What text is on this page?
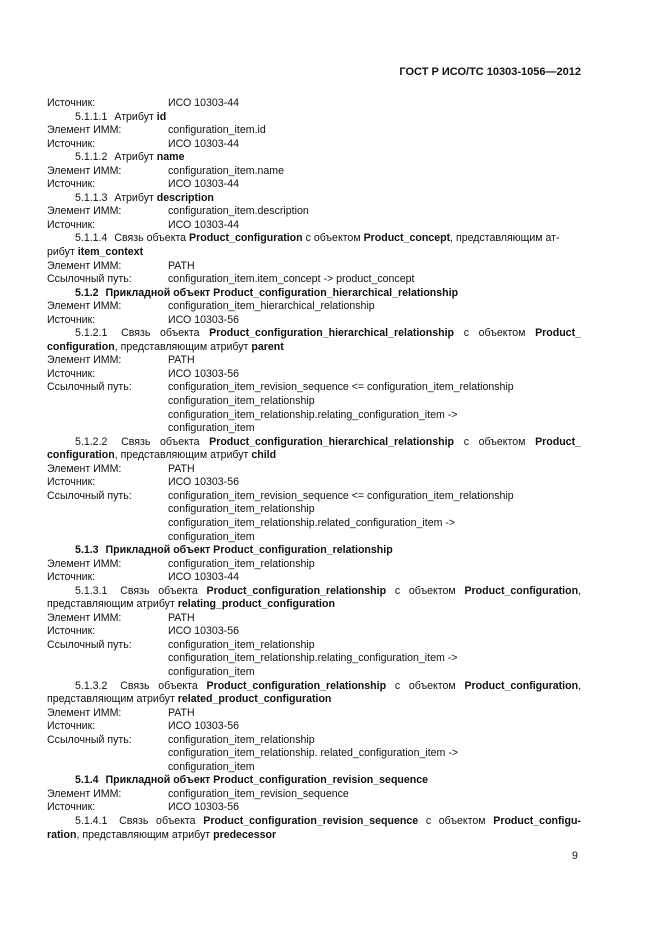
ГОСТ Р ИСО/ТС 10303-1056—2012
Источник:	ИСО 10303-44
5.1.1.1 Атрибут id
Элемент ИММ:	configuration_item.id
Источник:	ИСО 10303-44
5.1.1.2 Атрибут name
Элемент ИММ:	configuration_item.name
Источник:	ИСО 10303-44
5.1.1.3 Атрибут description
Элемент ИММ:	configuration_item.description
Источник:	ИСО 10303-44
5.1.1.4 Связь объекта Product_configuration с объектом Product_concept, представляющим ат-
рибут item_context
Элемент ИММ:	PATH
Ссылочный путь:	configuration_item.item_concept -> product_concept
5.1.2 Прикладной объект Product_configuration_hierarchical_relationship
Элемент ИММ:	configuration_item_hierarchical_relationship
Источник:	ИСО 10303-56
5.1.2.1 Связь объекта Product_configuration_hierarchical_relationship с объектом Product_
configuration, представляющим атрибут parent
Элемент ИММ:	PATH
Источник:	ИСО 10303-56
Ссылочный путь:	configuration_item_revision_sequence <= configuration_item_relationship
configuration_item_relationship
configuration_item_relationship.relating_configuration_item ->
configuration_item
5.1.2.2 Связь объекта Product_configuration_hierarchical_relationship с объектом Product_
configuration, представляющим атрибут child
Элемент ИММ:	PATH
Источник:	ИСО 10303-56
Ссылочный путь:	configuration_item_revision_sequence <= configuration_item_relationship
configuration_item_relationship
configuration_item_relationship.related_configuration_item ->
configuration_item
5.1.3 Прикладной объект Product_configuration_relationship
Элемент ИММ:	configuration_item_relationship
Источник:	ИСО 10303-44
5.1.3.1 Связь объекта Product_configuration_relationship с объектом Product_configuration,
представляющим атрибут relating_product_configuration
Элемент ИММ:	PATH
Источник:	ИСО 10303-56
Ссылочный путь:	configuration_item_relationship
configuration_item_relationship.relating_configuration_item ->
configuration_item
5.1.3.2 Связь объекта Product_configuration_relationship с объектом Product_configuration,
представляющим атрибут related_product_configuration
Элемент ИММ:	PATH
Источник:	ИСО 10303-56
Ссылочный путь:	configuration_item_relationship
configuration_item_relationship. related_configuration_item ->
configuration_item
5.1.4 Прикладной объект Product_configuration_revision_sequence
Элемент ИММ:	configuration_item_revision_sequence
Источник:	ИСО 10303-56
5.1.4.1 Связь объекта Product_configuration_revision_sequence с объектом Product_configu-
ration, представляющим атрибут predecessor
9
